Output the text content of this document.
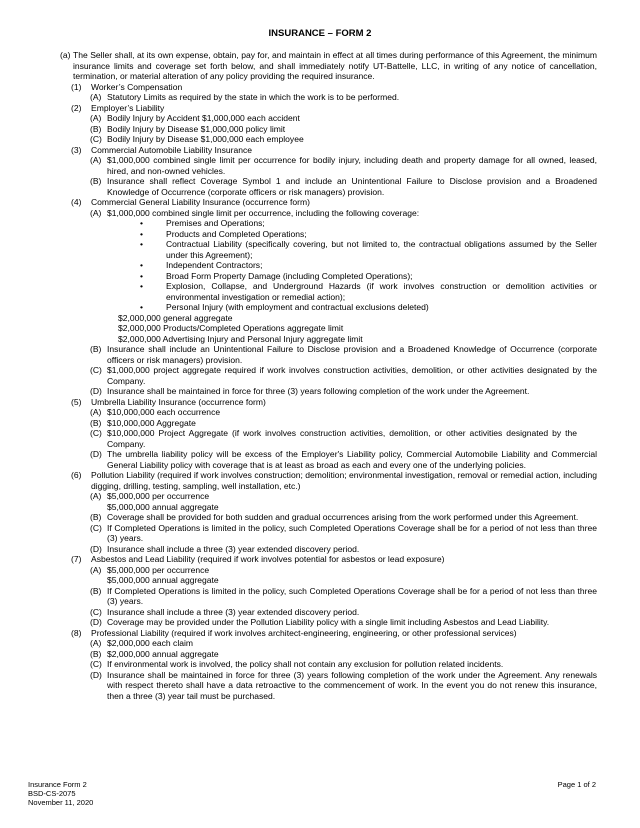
INSURANCE – FORM 2
(a) The Seller shall, at its own expense, obtain, pay for, and maintain in effect at all times during performance of this Agreement, the minimum insurance limits and coverage set forth below, and shall immediately notify UT-Battelle, LLC, in writing of any notice of cancellation, termination, or material alteration of any policy providing the required insurance.
(1)	Worker’s Compensation
(A) Statutory Limits as required by the state in which the work is to be performed.
(2)	Employer’s Liability
(A) Bodily Injury by Accident $1,000,000 each accident
(B) Bodily Injury by Disease $1,000,000 policy limit
(C) Bodily Injury by Disease $1,000,000 each employee
(3)	Commercial Automobile Liability Insurance
(A) $1,000,000 combined single limit per occurrence for bodily injury, including death and property damage for all owned, leased, hired, and non-owned vehicles.
(B) Insurance shall reflect Coverage Symbol 1 and include an Unintentional Failure to Disclose provision and a Broadened Knowledge of Occurrence (corporate officers or risk managers) provision.
(4)	Commercial General Liability Insurance (occurrence form)
(A) $1,000,000 combined single limit per occurrence, including the following coverage:
•	Premises and Operations;
•	Products and Completed Operations;
•	Contractual Liability (specifically covering, but not limited to, the contractual obligations assumed by the Seller under this Agreement);
•	Independent Contractors;
•	Broad Form Property Damage (including Completed Operations);
•	Explosion, Collapse, and Underground Hazards (if work involves construction or demolition activities or environmental investigation or remedial action);
•	Personal Injury (with employment and contractual exclusions deleted)
$2,000,000 general aggregate
$2,000,000 Products/Completed Operations aggregate limit
$2,000,000 Advertising Injury and Personal Injury aggregate limit
(B) Insurance shall include an Unintentional Failure to Disclose provision and a Broadened Knowledge of Occurrence (corporate officers or risk managers) provision.
(C) $1,000,000 project aggregate required if work involves construction activities, demolition, or other activities designated by the Company.
(D) Insurance shall be maintained in force for three (3) years following completion of the work under the Agreement.
(5)	Umbrella Liability Insurance (occurrence form)
(A) $10,000,000 each occurrence
(B) $10,000,000 Aggregate
(C) $10,000,000 Project Aggregate (if work involves construction activities, demolition, or other activities designated by the Company.
(D) The umbrella liability policy will be excess of the Employer's Liability policy, Commercial Automobile Liability and Commercial General Liability policy with coverage that is at least as broad as each and every one of the underlying policies.
(6)	Pollution Liability (required if work involves construction; demolition; environmental investigation, removal or remedial action, including digging, drilling, testing, sampling, well installation, etc.)
(A) $5,000,000 per occurrence
$5,000,000 annual aggregate
(B) Coverage shall be provided for both sudden and gradual occurrences arising from the work performed under this Agreement.
(C) If Completed Operations is limited in the policy, such Completed Operations Coverage shall be for a period of not less than three (3) years.
(D) Insurance shall include a three (3) year extended discovery period.
(7)	Asbestos and Lead Liability (required if work involves potential for asbestos or lead exposure)
(A) $5,000,000 per occurrence
$5,000,000 annual aggregate
(B) If Completed Operations is limited in the policy, such Completed Operations Coverage shall be for a period of not less than three (3) years.
(C) Insurance shall include a three (3) year extended discovery period.
(D) Coverage may be provided under the Pollution Liability policy with a single limit including Asbestos and Lead Liability.
(8)	Professional Liability (required if work involves architect-engineering, engineering, or other professional services)
(A) $2,000,000 each claim
(B) $2,000,000 annual aggregate
(C) If environmental work is involved, the policy shall not contain any exclusion for pollution related incidents.
(D) Insurance shall be maintained in force for three (3) years following completion of the work under the Agreement. Any renewals with respect thereto shall have a data retroactive to the commencement of work. In the event you do not renew this insurance, then a three (3) year tail must be purchased.
Insurance Form 2
BSD-CS-2075
November 11, 2020
Page 1 of 2
